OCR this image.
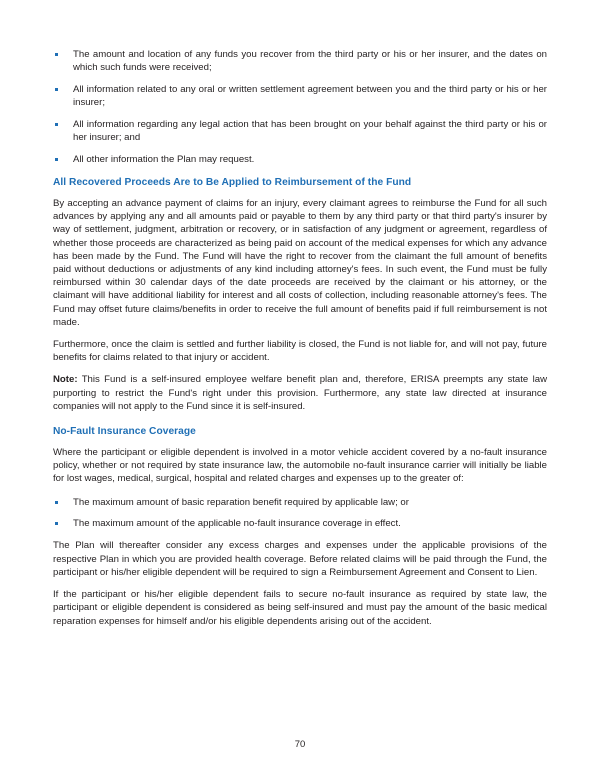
The amount and location of any funds you recover from the third party or his or her insurer, and the dates on which such funds were received;
All information related to any oral or written settlement agreement between you and the third party or his or her insurer;
All information regarding any legal action that has been brought on your behalf against the third party or his or her insurer; and
All other information the Plan may request.
All Recovered Proceeds Are to Be Applied to Reimbursement of the Fund

By accepting an advance payment of claims for an injury, every claimant agrees to reimburse the Fund for all such advances by applying any and all amounts paid or payable to them by any third party or that third party's insurer by way of settlement, judgment, arbitration or recovery, or in satisfaction of any judgment or agreement, regardless of whether those proceeds are characterized as being paid on account of the medical expenses for which any advance has been made by the Fund. The Fund will have the right to recover from the claimant the full amount of benefits paid without deductions or adjustments of any kind including attorney's fees. In such event, the Fund must be fully reimbursed within 30 calendar days of the date proceeds are received by the claimant or his attorney, or the claimant will have additional liability for interest and all costs of collection, including reasonable attorney's fees. The Fund may offset future claims/benefits in order to receive the full amount of benefits paid if full reimbursement is not made.

Furthermore, once the claim is settled and further liability is closed, the Fund is not liable for, and will not pay, future benefits for claims related to that injury or accident.

Note: This Fund is a self-insured employee welfare benefit plan and, therefore, ERISA preempts any state law purporting to restrict the Fund's right under this provision. Furthermore, any state law directed at insurance companies will not apply to the Fund since it is self-insured.

No-Fault Insurance Coverage

Where the participant or eligible dependent is involved in a motor vehicle accident covered by a no-fault insurance policy, whether or not required by state insurance law, the automobile no-fault insurance carrier will initially be liable for lost wages, medical, surgical, hospital and related charges and expenses up to the greater of:

The maximum amount of basic reparation benefit required by applicable law; or
The maximum amount of the applicable no-fault insurance coverage in effect.

The Plan will thereafter consider any excess charges and expenses under the applicable provisions of the respective Plan in which you are provided health coverage. Before related claims will be paid through the Fund, the participant or his/her eligible dependent will be required to sign a Reimbursement Agreement and Consent to Lien.

If the participant or his/her eligible dependent fails to secure no-fault insurance as required by state law, the participant or eligible dependent is considered as being self-insured and must pay the amount of the basic medical reparation expenses for himself and/or his eligible dependents arising out of the accident.

70
